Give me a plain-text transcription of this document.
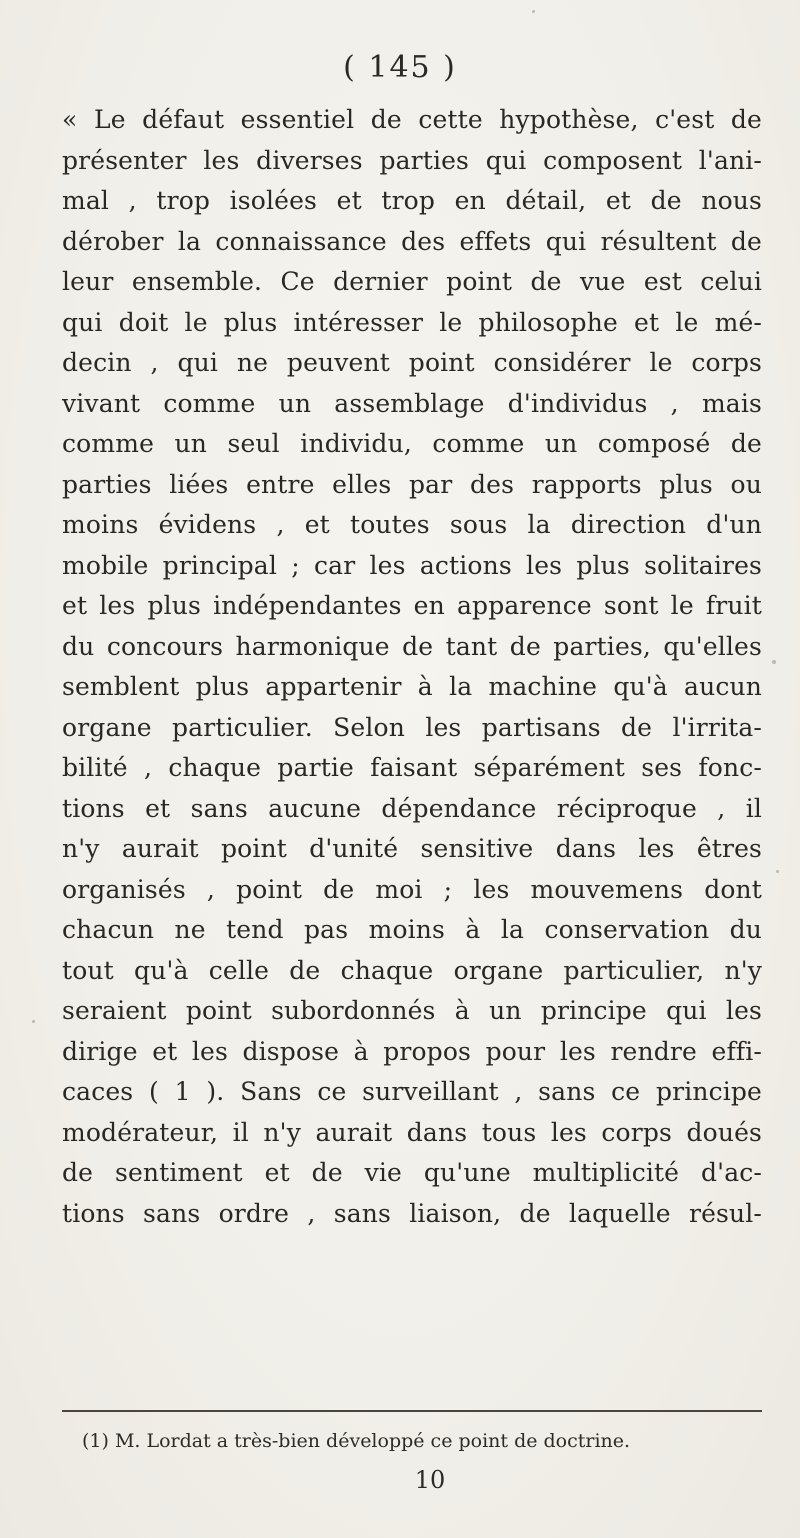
( 145 )
« Le défaut essentiel de cette hypothèse, c'est de
présenter les diverses parties qui composent l'ani-
mal , trop isolées et trop en détail, et de nous
dérober la connaissance des effets qui résultent de
leur ensemble. Ce dernier point de vue est celui
qui doit le plus intéresser le philosophe et le mé-
decin , qui ne peuvent point considérer le corps
vivant comme un assemblage d'individus , mais
comme un seul individu, comme un composé de
parties liées entre elles par des rapports plus ou
moins évidens , et toutes sous la direction d'un
mobile principal ; car les actions les plus solitaires
et les plus indépendantes en apparence sont le fruit
du concours harmonique de tant de parties, qu'elles
semblent plus appartenir à la machine qu'à aucun
organe particulier. Selon les partisans de l'irrita-
bilité , chaque partie faisant séparément ses fonc-
tions et sans aucune dépendance réciproque , il
n'y aurait point d'unité sensitive dans les êtres
organisés , point de moi ; les mouvemens dont
chacun ne tend pas moins à la conservation du
tout qu'à celle de chaque organe particulier, n'y
seraient point subordonnés à un principe qui les
dirige et les dispose à propos pour les rendre effi-
caces ( 1 ). Sans ce surveillant , sans ce principe
modérateur, il n'y aurait dans tous les corps doués
de sentiment et de vie qu'une multiplicité d'ac-
tions sans ordre , sans liaison, de laquelle résul-
(1) M. Lordat a très-bien développé ce point de doctrine.
10
